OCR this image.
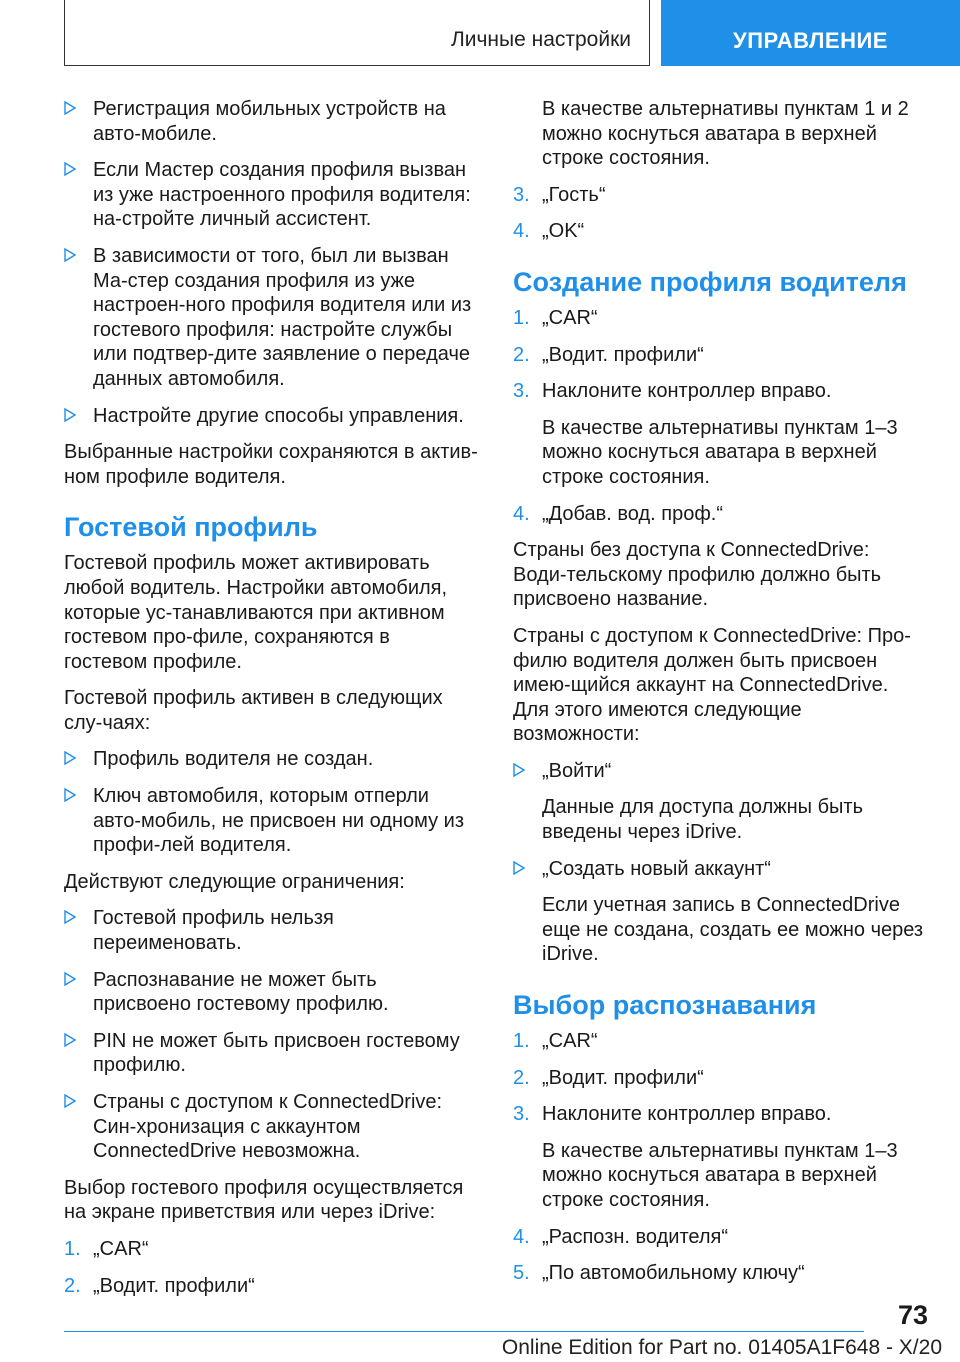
Личные настройки	УПРАВЛЕНИЕ
Регистрация мобильных устройств на авто-мобиле.
Если Мастер создания профиля вызван из уже настроенного профиля водителя: на-стройте личный ассистент.
В зависимости от того, был ли вызван Ма-стер создания профиля из уже настроен-ного профиля водителя или из гостевого профиля: настройте службы или подтвер-дите заявление о передаче данных автомобиля.
Настройте другие способы управления.
Выбранные настройки сохраняются в актив-ном профиле водителя.
Гостевой профиль
Гостевой профиль может активировать любой водитель. Настройки автомобиля, которые ус-танавливаются при активном гостевом про-филе, сохраняются в гостевом профиле.
Гостевой профиль активен в следующих слу-чаях:
Профиль водителя не создан.
Ключ автомобиля, которым отперли авто-мобиль, не присвоен ни одному из профи-лей водителя.
Действуют следующие ограничения:
Гостевой профиль нельзя переименовать.
Распознавание не может быть присвоено гостевому профилю.
PIN не может быть присвоен гостевому профилю.
Страны с доступом к ConnectedDrive: Син-хронизация с аккаунтом ConnectedDrive невозможна.
Выбор гостевого профиля осуществляется на экране приветствия или через iDrive:
1. „CAR“
2. „Водит. профили“
В качестве альтернативы пунктам 1 и 2 можно коснуться аватара в верхней строке состояния.
3. „Гость“
4. „OK“
Создание профиля водителя
1. „CAR“
2. „Водит. профили“
3. Наклоните контроллер вправо.
В качестве альтернативы пунктам 1–3 можно коснуться аватара в верхней строке состояния.
4. „Добав. вод. проф.“
Страны без доступа к ConnectedDrive: Води-тельскому профилю должно быть присвоено название.
Страны с доступом к ConnectedDrive: Про-филю водителя должен быть присвоен имею-щийся аккаунт на ConnectedDrive. Для этого имеются следующие возможности:
„Войти“
Данные для доступа должны быть введены через iDrive.
„Создать новый аккаунт“
Если учетная запись в ConnectedDrive еще не создана, создать ее можно через iDrive.
Выбор распознавания
1. „CAR“
2. „Водит. профили“
3. Наклоните контроллер вправо.
В качестве альтернативы пунктам 1–3 можно коснуться аватара в верхней строке состояния.
4. „Распозн. водителя“
5. „По автомобильному ключу“
73
Online Edition for Part no. 01405A1F648 - X/20
